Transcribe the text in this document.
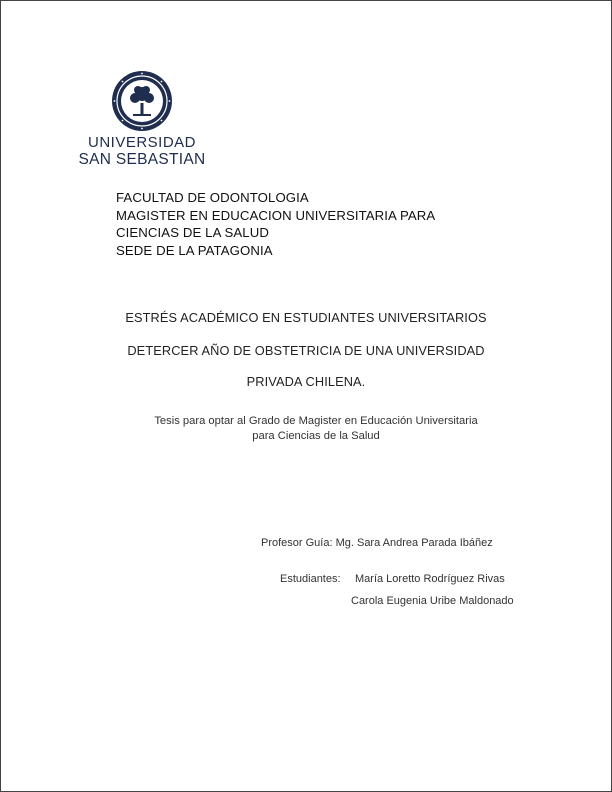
UNIVERSIDAD
SAN SEBASTIAN
FACULTAD DE ODONTOLOGIA
MAGISTER EN EDUCACION UNIVERSITARIA PARA
CIENCIAS DE LA SALUD
SEDE DE LA PATAGONIA
ESTRÉS ACADÉMICO EN ESTUDIANTES UNIVERSITARIOS
DETERCER AÑO DE OBSTETRICIA DE UNA UNIVERSIDAD
PRIVADA CHILENA.
Tesis para optar al Grado de Magister en Educación Universitaria
para Ciencias de la Salud
Profesor Guía: Mg. Sara Andrea Parada Ibáñez
Estudiantes: María Loretto Rodríguez Rivas
Carola Eugenia Uribe Maldonado
